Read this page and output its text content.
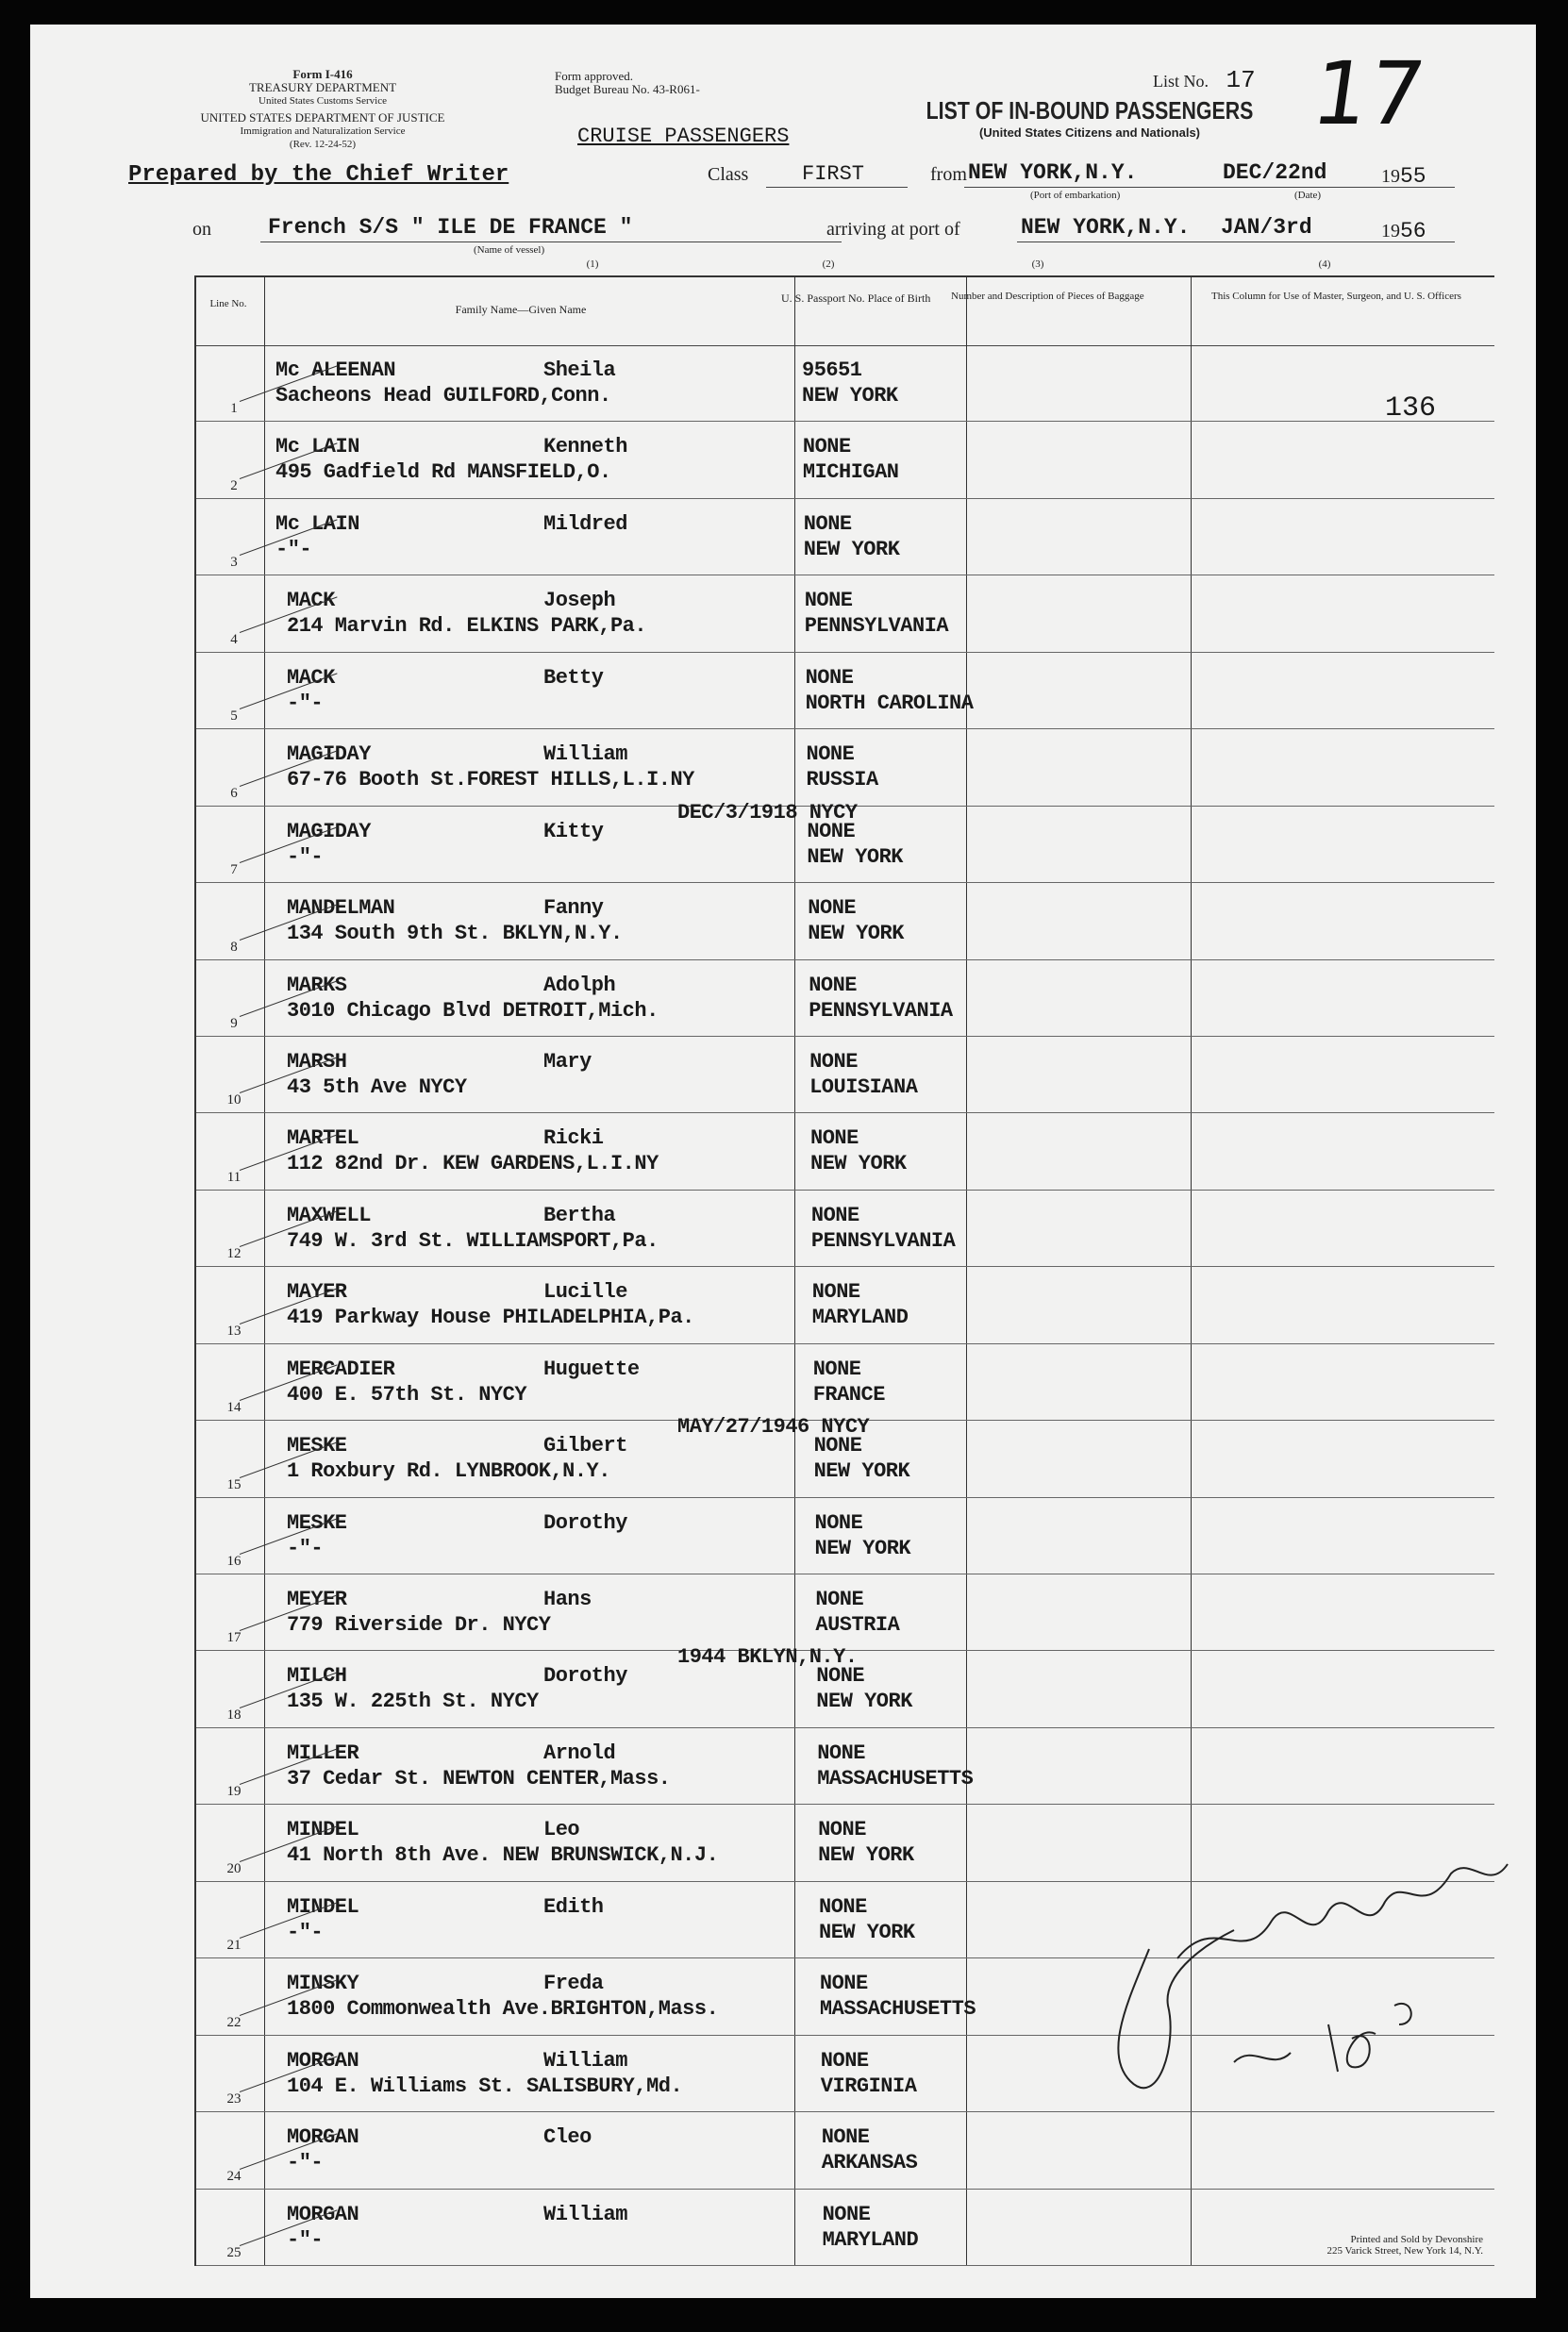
Form I-416
TREASURY DEPARTMENT
United States Customs Service
UNITED STATES DEPARTMENT OF JUSTICE
Immigration and Naturalization Service
(Rev. 12-24-52)
Form approved.
Budget Bureau No. 43-R061-
CRUISE PASSENGERS
LIST OF IN-BOUND PASSENGERS
(United States Citizens and Nationals)
List No. 17 17
Prepared by the Chief Writer	Class	FIRST	from NEW YORK,N.Y.	DEC/22nd	1955
(Port of embarkation)	(Date)
on	French S/S " ILE DE FRANCE "
(Name of vessel)
arriving at port of	NEW YORK,N.Y. JAN/3rd	1956
(1)	(2)	(3)	(4)
Line No.	Family Name—Given Name
U. S. Passport No. Place of Birth Number and Description of Pieces of Baggage	This Column for Use of Master, Surgeon, and U. S. Officers
1
Mc ALEENAN	Sheila
Sacheons Head GUILFORD,Conn.
95651
NEW YORK
2
Mc LAIN	Kenneth
495 Gadfield Rd MANSFIELD,O.
NONE
MICHIGAN
3
Mc LAIN	Mildred
-"-
NONE
NEW YORK
4
MACK	Joseph
214 Marvin Rd. ELKINS PARK,Pa.
NONE
PENNSYLVANIA
5
MACK	Betty
-"-
NONE
NORTH CAROLINA
6
MAGIDAY	William
67-76 Booth St.FOREST HILLS,L.I.NY
NONE
RUSSIA
DEC/3/1918 NYCY
7
MAGIDAY	Kitty
-"-
NONE
NEW YORK
8
MANDELMAN	Fanny
134 South 9th St. BKLYN,N.Y.
NONE
NEW YORK
9
MARKS	Adolph
3010 Chicago Blvd DETROIT,Mich.
NONE
PENNSYLVANIA
10
MARSH	Mary
43 5th Ave NYCY
NONE
LOUISIANA
11
MARTEL	Ricki
112 82nd Dr. KEW GARDENS,L.I.NY
NONE
NEW YORK
12
MAXWELL	Bertha
749 W. 3rd St. WILLIAMSPORT,Pa.
NONE
PENNSYLVANIA
13
MAYER	Lucille
419 Parkway House PHILADELPHIA,Pa.
NONE
MARYLAND
14
MERCADIER	Huguette
400 E. 57th St. NYCY
NONE
FRANCE
MAY/27/1946 NYCY
15
MESKE	Gilbert
1 Roxbury Rd. LYNBROOK,N.Y.
NONE
NEW YORK
16
MESKE	Dorothy
-"-
NONE
NEW YORK
17
MEYER	Hans
779 Riverside Dr. NYCY
NONE
AUSTRIA
1944 BKLYN,N.Y.
18
MILCH	Dorothy
135 W. 225th St. NYCY
NONE
NEW YORK
19
MILLER	Arnold
37 Cedar St. NEWTON CENTER,Mass.
NONE
MASSACHUSETTS
20
MINDEL	Leo
41 North 8th Ave. NEW BRUNSWICK,N.J.
NONE
NEW YORK
21
MINDEL	Edith
-"-
NONE
NEW YORK
22
MINSKY	Freda
1800 Commonwealth Ave.BRIGHTON,Mass.
NONE
MASSACHUSETTS
23
MORGAN	William
104 E. Williams St. SALISBURY,Md.
NONE
VIRGINIA
24
MORGAN	Cleo
-"-
NONE
ARKANSAS
25
MORGAN	William
-"-
NONE
MARYLAND
136
Printed and Sold by Devonshire
225 Varick Street, New York 14, N.Y.
